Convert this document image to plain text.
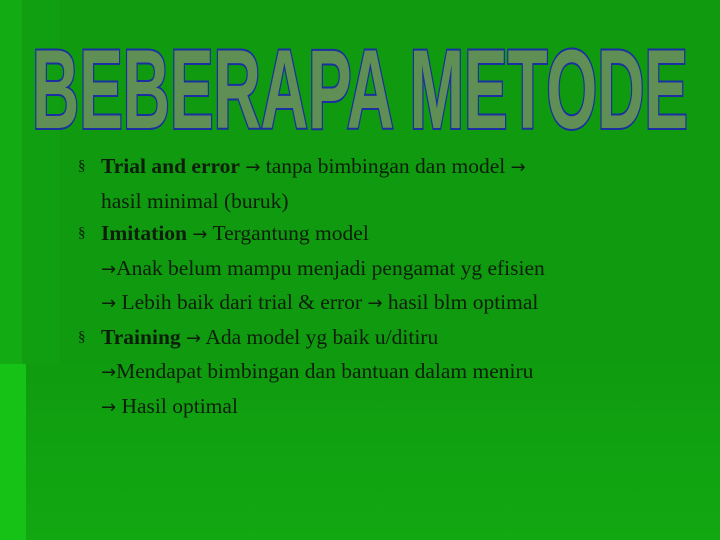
BEBERAPA METODE
§ Trial and error → tanpa bimbingan dan model →
hasil minimal (buruk)
§ Imitation → Tergantung model
→Anak belum mampu menjadi pengamat yg efisien
→ Lebih baik dari trial & error → hasil blm optimal
§ Training → Ada model yg baik u/ditiru
→Mendapat bimbingan dan bantuan dalam meniru
→ Hasil optimal
